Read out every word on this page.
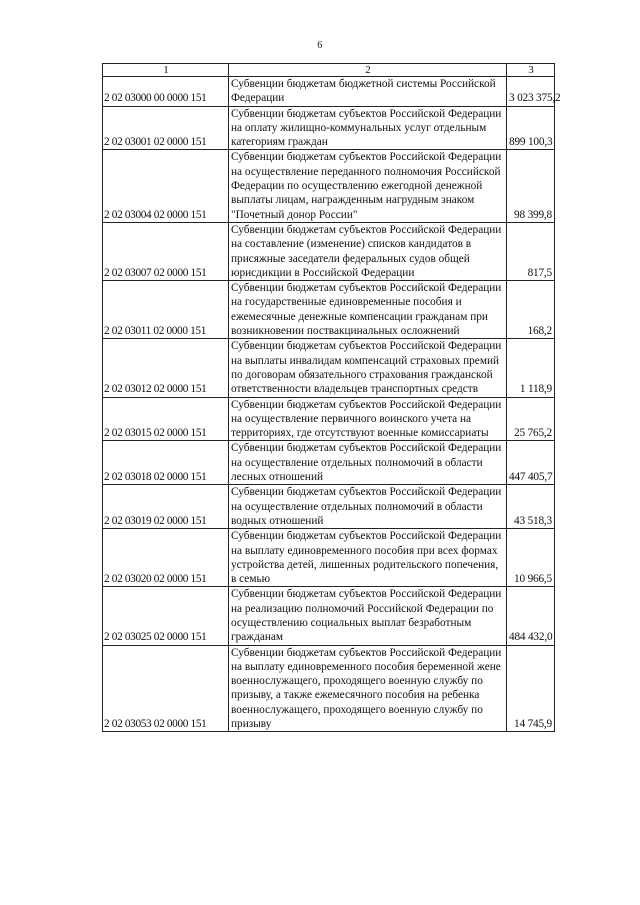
6
1	2	3
2 02 03000 00 0000 151	Субвенции бюджетам бюджетной системы Российской Федерации	3 023 375,2
2 02 03001 02 0000 151	Субвенции бюджетам субъектов Российской Федерации на оплату жилищно-коммунальных услуг отдельным категориям граждан	899 100,3
2 02 03004 02 0000 151	Субвенции бюджетам субъектов Российской Федерации на осуществление переданного полномочия Российской Федерации по осуществлению ежегодной денежной выплаты лицам, награжденным нагрудным знаком "Почетный донор России"	98 399,8
2 02 03007 02 0000 151	Субвенции бюджетам субъектов Российской Федерации на составление (изменение) списков кандидатов в присяжные заседатели федеральных судов общей юрисдикции в Российской Федерации	817,5
2 02 03011 02 0000 151	Субвенции бюджетам субъектов Российской Федерации на государственные единовременные пособия и ежемесячные денежные компенсации гражданам при возникновении поствакцинальных осложнений	168,2
2 02 03012 02 0000 151	Субвенции бюджетам субъектов Российской Федерации на выплаты инвалидам компенсаций страховых премий по договорам обязательного страхования гражданской ответственности владельцев транспортных средств	1 118,9
2 02 03015 02 0000 151	Субвенции бюджетам субъектов Российской Федерации на осуществление первичного воинского учета на территориях, где отсутствуют военные комиссариаты	25 765,2
2 02 03018 02 0000 151	Субвенции бюджетам субъектов Российской Федерации на осуществление отдельных полномочий в области лесных отношений	447 405,7
2 02 03019 02 0000 151	Субвенции бюджетам субъектов Российской Федерации на осуществление отдельных полномочий в области водных отношений	43 518,3
2 02 03020 02 0000 151	Субвенции бюджетам субъектов Российской Федерации на выплату единовременного пособия при всех формах устройства детей, лишенных родительского попечения, в семью	10 966,5
2 02 03025 02 0000 151	Субвенции бюджетам субъектов Российской Федерации на реализацию полномочий Российской Федерации по осуществлению социальных выплат безработным гражданам	484 432,0
2 02 03053 02 0000 151	Субвенции бюджетам субъектов Российской Федерации на выплату единовременного пособия беременной жене военнослужащего, проходящего военную службу по призыву, а также ежемесячного пособия на ребенка военнослужащего, проходящего военную службу по призыву	14 745,9
